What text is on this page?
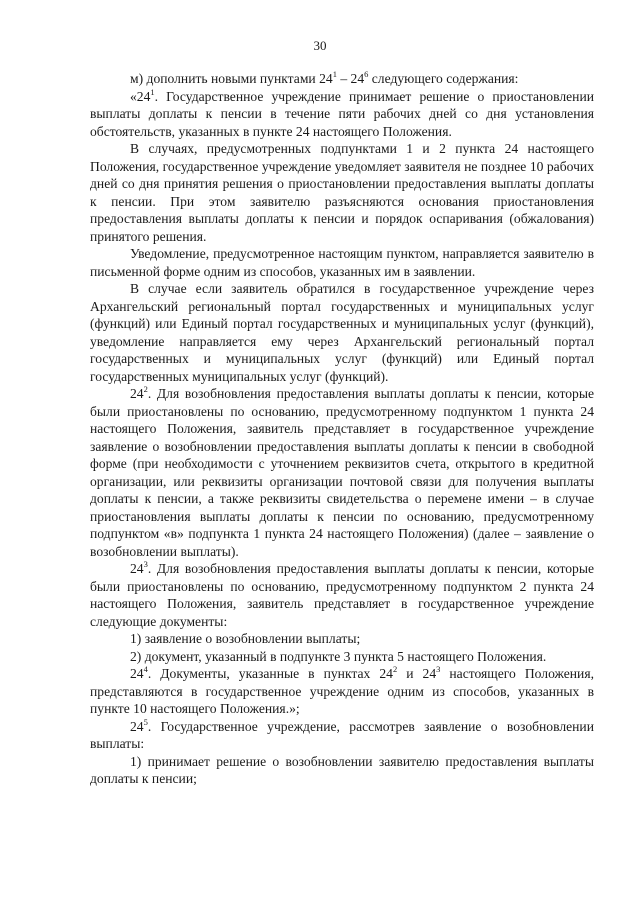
30

м) дополнить новыми пунктами $24^1 - 24^6$ следующего содержания:

«$24^1$. Государственное учреждение принимает решение о приостановлении выплаты доплаты к пенсии в течение пяти рабочих дней со дня установления обстоятельств, указанных в пункте 24 настоящего Положения.

В случаях, предусмотренных подпунктами 1 и 2 пункта 24 настоящего Положения, государственное учреждение уведомляет заявителя не позднее 10 рабочих дней со дня принятия решения о приостановлении предоставления выплаты доплаты к пенсии. При этом заявителю разъясняются основания приостановления предоставления выплаты доплаты к пенсии и порядок оспаривания (обжалования) принятого решения.

Уведомление, предусмотренное настоящим пунктом, направляется заявителю в письменной форме одним из способов, указанных им в заявлении.

В случае если заявитель обратился в государственное учреждение через Архангельский региональный портал государственных и муниципальных услуг (функций) или Единый портал государственных и муниципальных услуг (функций), уведомление направляется ему через Архангельский региональный портал государственных и муниципальных услуг (функций) или Единый портал государственных муниципальных услуг (функций).

$24^2$. Для возобновления предоставления выплаты доплаты к пенсии, которые были приостановлены по основанию, предусмотренному подпунктом 1 пункта 24 настоящего Положения, заявитель представляет в государственное учреждение заявление о возобновлении предоставления выплаты доплаты к пенсии в свободной форме (при необходимости с уточнением реквизитов счета, открытого в кредитной организации, или реквизиты организации почтовой связи для получения выплаты доплаты к пенсии, а также реквизиты свидетельства о перемене имени – в случае приостановления выплаты доплаты к пенсии по основанию, предусмотренному подпунктом «в» подпункта 1 пункта 24 настоящего Положения) (далее – заявление о возобновлении выплаты).

$24^3$. Для возобновления предоставления выплаты доплаты к пенсии, которые были приостановлены по основанию, предусмотренному подпунктом 2 пункта 24 настоящего Положения, заявитель представляет в государственное учреждение следующие документы:

1) заявление о возобновлении выплаты;

2) документ, указанный в подпункте 3 пункта 5 настоящего Положения.

$24^4$. Документы, указанные в пунктах $24^2$ и $24^3$ настоящего Положения, представляются в государственное учреждение одним из способов, указанных в пункте 10 настоящего Положения.»;

$24^5$. Государственное учреждение, рассмотрев заявление о возобновлении выплаты:

1) принимает решение о возобновлении заявителю предоставления выплаты доплаты к пенсии;
